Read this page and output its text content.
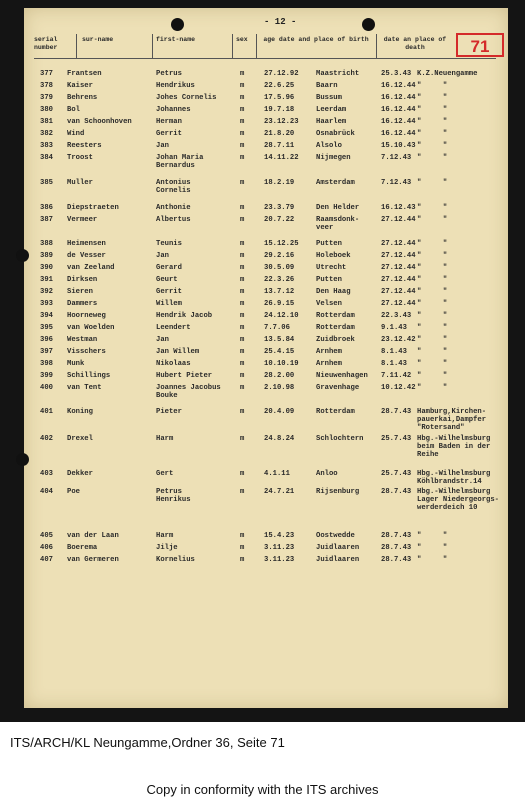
- 12 -
71
serial number
sur-name	first-name	sex	age date and place of birth	date an place of death
377 Frantsen	Petrus	m	27.12.92 Maastricht	25.3.43 K.Z.Neuengamme
378 Kaiser	Hendrikus	m	22.6.25	Baarn	16.12.44 "     "
379 Behrens	Johes Cornelis	m	17.5.96	Bussum	16.12.44 "     "
380 Bol	Johannes	m	19.7.18	Leerdam	16.12.44 "     "
381 van Schoonhoven	Herman	m	23.12.23 Haarlem	16.12.44 "     "
382 Wind	Gerrit	m	21.8.20	Osnabrück	16.12.44 "     "
383 Reesters	Jan	m	28.7.11	Alsolo	15.10.43 "     "
384 Troost	Johan Maria
Bernardus
m	14.11.22 Nijmegen	7.12.43 "     "
385 Muller	Antonius
Cornelis
m	18.2.19	Amsterdam	7.12.43 "     "
386 Diepstraeten	Anthonie	m	23.3.79	Den Helder	16.12.43 "     "
387 Vermeer	Albertus	m	20.7.22	Raamsdonk-
veer
27.12.44 "     "
388 Heimensen	Teunis	m	15.12.25 Putten	27.12.44 "     "
389 de Vesser	Jan	m	29.2.16	Holeboek	27.12.44 "     "
390 van Zeeland	Gerard	m	30.5.09	Utrecht	27.12.44 "     "
391 Dirksen	Geurt	m	22.3.26	Putten	27.12.44 "     "
392 Sieren	Gerrit	m	13.7.12	Den Haag	27.12.44 "     "
393 Dammers	Willem	m	26.9.15	Velsen	27.12.44 "     "
394 Hoorneweg	Hendrik Jacob	m	24.12.10 Rotterdam	22.3.43 "     "
395 van Woelden	Leendert	m	7.7.06	Rotterdam	9.1.43 "     "
396 Westman	Jan	m	13.5.84	Zuidbroek	23.12.42 "     "
397 Visschers	Jan Willem	m	25.4.15	Arnhem	8.1.43 "     "
398 Munk	Nikolaas	m	10.10.19 Arnhem	8.1.43 "     "
399 Schillings	Hubert Pieter	m	28.2.00	Nieuwenhagen 7.11.42 "     "
400 van Tent	Joannes Jacobus
Bouke
m	2.10.98	Gravenhage	10.12.42 "     "
401 Koning	Pieter	m	20.4.09	Rotterdam	28.7.43 Hamburg,Kirchen-
pauerkai,Dampfer
"Rotersand"
402 Drexel	Harm	m	24.8.24	Schlochtern 25.7.43 Hbg.-Wilhelmsburg
beim Baden in der
Reihe
403 Dekker	Gert	m	4.1.11	Anloo	25.7.43 Hbg.-Wilhelmsburg
Köhlbrandstr.14
404 Poe	Petrus
Henrikus
m	24.7.21	Rijsenburg	28.7.43 Hbg.-Wilhelmsburg
Lager Niedergeorgs-
werderdeich 10
405 van der Laan	Harm	m	15.4.23	Oostwedde	28.7.43 "     "
406 Boerema	Jilje	m	3.11.23	Juidlaaren	28.7.43 "     "
407 van Germeren	Kornelius	m	3.11.23	Juidlaaren	28.7.43 "     "
ITS/ARCH/KL Neungamme,Ordner 36, Seite 71
Copy in conformity with the ITS archives
